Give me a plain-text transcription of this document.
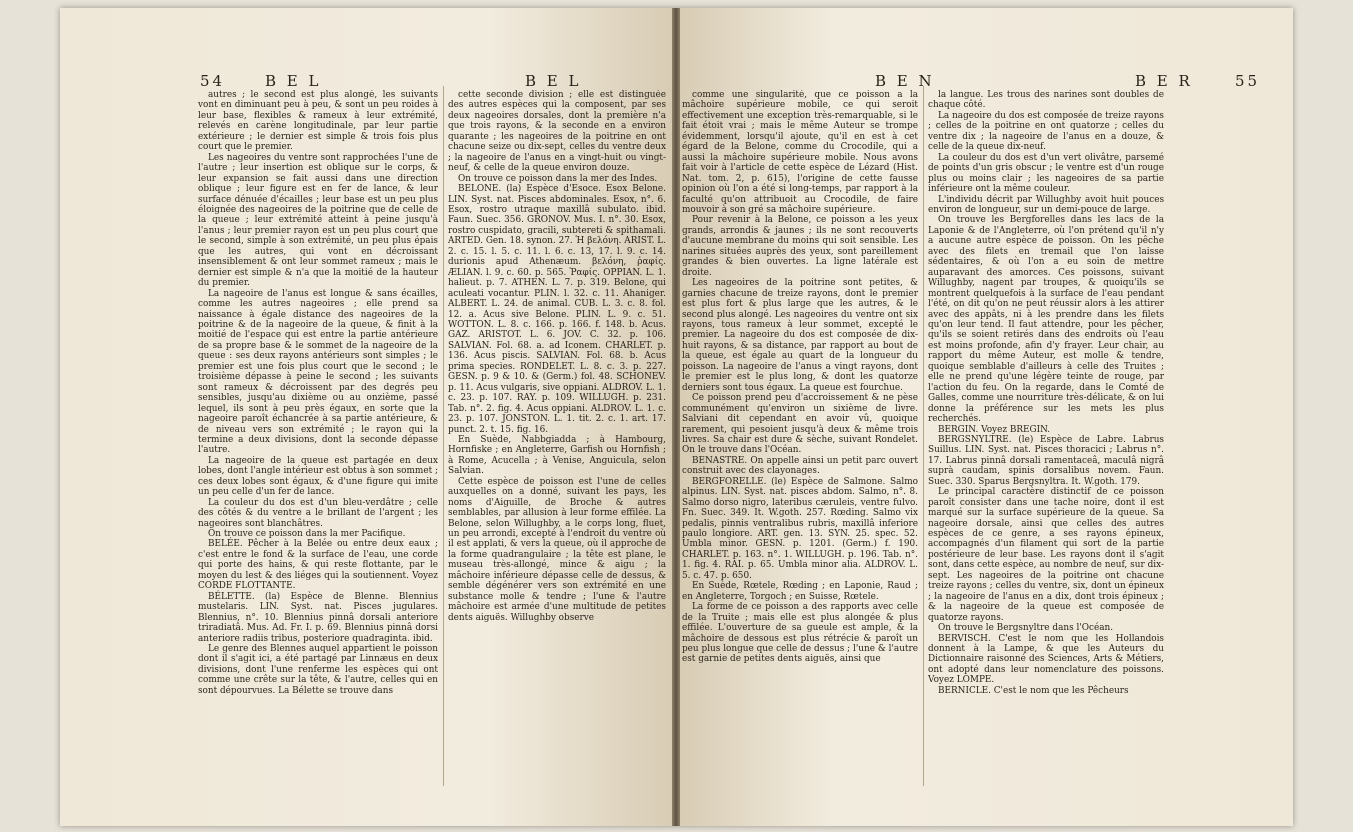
54	B E L	B E L

autres ; le second est plus alongé, les suivants vont en diminuant peu à peu, & sont un peu roides à leur base, flexibles & rameux à leur extrémité, relevés en carène longitudinale, par leur partie extérieure ; le dernier est simple & trois fois plus court que le premier.

Les nageoires du ventre sont rapprochées l'une de l'autre ; leur insertion est oblique sur le corps, & leur expansion se fait aussi dans une direction oblique ; leur figure est en fer de lance, & leur surface dénuée d'écailles ; leur base est un peu plus éloignée des nageoires de la poitrine que de celle de la queue ; leur extrémité atteint à peine jusqu'à l'anus ; leur premier rayon est un peu plus court que le second, simple à son extrémité, un peu plus épais que les autres, qui vont en décroissant insensiblement & ont leur sommet rameux ; mais le dernier est simple & n'a que la moitié de la hauteur du premier.

La nageoire de l'anus est longue & sans écailles, comme les autres nageoires ; elle prend sa naissance à égale distance des nageoires de la poitrine & de la nageoire de la queue, & finit à la moitié de l'espace qui est entre la partie antérieure de sa propre base & le sommet de la nageoire de la queue : ses deux rayons antérieurs sont simples ; le premier est une fois plus court que le second ; le troisième dépasse à peine le second ; les suivants sont rameux & décroissent par des degrés peu sensibles, jusqu'au dixième ou au onzième, passé lequel, ils sont à peu près égaux, en sorte que la nageoire paroît échancrée à sa partie antérieure, & de niveau vers son extrémité ; le rayon qui la termine a deux divisions, dont la seconde dépasse l'autre.

La nageoire de la queue est partagée en deux lobes, dont l'angle intérieur est obtus à son sommet ; ces deux lobes sont égaux, & d'une figure qui imite un peu celle d'un fer de lance.

La couleur du dos est d'un bleu-verdâtre ; celle des côtés & du ventre a le brillant de l'argent ; les nageoires sont blanchâtres.

On trouve ce poisson dans la mer Pacifique.

BELÉE. Pêcher à la Belée ou entre deux eaux ; c'est entre le fond & la surface de l'eau, une corde qui porte des hains, & qui reste flottante, par le moyen du lest & des liéges qui la soutiennent. Voyez CORDE FLOTTANTE.

BÉLETTE. (la) Espèce de Blenne. Blennius mustelaris. LIN. Syst. nat. Pisces jugulares. Blennius, n°. 10. Blennius pinnâ dorsali anteriore triradiatâ. Mus. Ad. Fr. I. p. 69. Blennius pinnâ dorsi anteriore radiis tribus, posteriore quadraginta. ibid.

Le genre des Blennes auquel appartient le poisson dont il s'agit ici, a été partagé par Linnæus en deux divisions, dont l'une renferme les espèces qui ont comme une crête sur la tête, & l'autre, celles qui en sont dépourvues. La Bélette se trouve dans

cette seconde division ; elle est distinguée des autres espèces qui la composent, par ses deux nageoires dorsales, dont la première n'a que trois rayons, & la seconde en a environ quarante ; les nageoires de la poitrine en ont chacune seize ou dix-sept, celles du ventre deux ; la nageoire de l'anus en a vingt-huit ou vingt-neuf, & celle de la queue environ douze.

On trouve ce poisson dans la mer des Indes.

BELONE. (la) Espèce d'Esoce. Esox Belone. LIN. Syst. nat. Pisces abdominales. Esox, n°. 6. Esox, rostro utraque maxillâ subulato. ibid. Faun. Suec. 356. GRONOV. Mus. I. n°. 30. Esox, rostro cuspidato, gracili, subtereti & spithamali. ARTED. Gen. 18. synon. 27. Ἡ βελόνη. ARIST. L. 2. c. 15. l. 5. c. 11. l. 6. c. 13, 17. l. 9. c. 14. durionis apud Athenæum. βελόνη, ῥαφίς. ÆLIAN. l. 9. c. 60. p. 565. Ῥαφίς. OPPIAN. L. 1. halieut. p. 7. ATHEN. L. 7. p. 319. Belone, qui aculeati vocantur. PLIN. l. 32. c. 11. Ahaniger. ALBERT. L. 24. de animal. CUB. L. 3. c. 8. fol. 12. a. Acus sive Belone. PLIN. L. 9. c. 51. WOTTON. L. 8. c. 166. p. 166. f. 148. b. Acus. GAZ. ARISTOT. L. 6. JOV. C. 32. p. 106. SALVIAN. Fol. 68. a. ad Iconem. CHARLET. p. 136. Acus piscis. SALVIAN. Fol. 68. b. Acus prima species. RONDELET. L. 8. c. 3. p. 227. GESN. p. 9 & 10. & (Germ.) fol. 48. SCHONEV. p. 11. Acus vulgaris, sive oppiani. ALDROV. L. 1. c. 23. p. 107. RAY. p. 109. WILLUGH. p. 231. Tab. n°. 2. fig. 4. Acus oppiani. ALDROV. L. 1. c. 23. p. 107. JONSTON. L. 1. tit. 2. c. 1. art. 17. punct. 2. t. 15. fig. 16.

En Suède, Nabbgiadda ; à Hambourg, Hornfiske ; en Angleterre, Garfish ou Hornfish ; à Rome, Acucella ; à Venise, Anguicula, selon Salvian.

Cette espèce de poisson est l'une de celles auxquelles on a donné, suivant les pays, les noms d'Aiguille, de Broche & autres semblables, par allusion à leur forme effilée. La Belone, selon Willughby, a le corps long, fluet, un peu arrondi, excepté à l'endroit du ventre où il est applati, & vers la queue, où il approche de la forme quadrangulaire ; la tête est plane, le museau très-allongé, mince & aigu ; la mâchoire inférieure dépasse celle de dessus, & semble dégénérer vers son extrémité en une substance molle & tendre ; l'une & l'autre mâchoire est armée d'une multitude de petites dents aiguës. Willughby observe

B E N	B E R	55

comme une singularité, que ce poisson a la mâchoire supérieure mobile, ce qui seroit effectivement une exception très-remarquable, si le fait étoit vrai ; mais le même Auteur se trompe évidemment, lorsqu'il ajoute, qu'il en est à cet égard de la Belone, comme du Crocodile, qui a aussi la mâchoire supérieure mobile. Nous avons fait voir à l'article de cette espèce de Lézard (Hist. Nat. tom. 2, p. 615), l'origine de cette fausse opinion où l'on a été si long-temps, par rapport à la faculté qu'on attribuoit au Crocodile, de faire mouvoir à son gré sa mâchoire supérieure.

Pour revenir à la Belone, ce poisson a les yeux grands, arrondis & jaunes ; ils ne sont recouverts d'aucune membrane du moins qui soit sensible. Les narines situées auprès des yeux, sont pareillement grandes & bien ouvertes. La ligne latérale est droite.

Les nageoires de la poitrine sont petites, & garnies chacune de treize rayons, dont le premier est plus fort & plus large que les autres, & le second plus alongé. Les nageoires du ventre ont six rayons, tous rameux à leur sommet, excepté le premier. La nageoire du dos est composée de dix-huit rayons, & sa distance, par rapport au bout de la queue, est égale au quart de la longueur du poisson. La nageoire de l'anus a vingt rayons, dont le premier est le plus long, & dont les quatorze derniers sont tous égaux. La queue est fourchue.

Ce poisson prend peu d'accroissement & ne pèse communément qu'environ un sixième de livre. Salviani dit cependant en avoir vû, quoique rarement, qui pesoient jusqu'à deux & même trois livres. Sa chair est dure & sèche, suivant Rondelet. On le trouve dans l'Océan.

BENASTRE. On appelle ainsi un petit parc ouvert construit avec des clayonages.

BERGFORELLE. (le) Espèce de Salmone. Salmo alpinus. LIN. Syst. nat. pisces abdom. Salmo, n°. 8. Salmo dorso nigro, lateribus cæruleis, ventre fulvo. Fn. Suec. 349. It. W.goth. 257. Rœding. Salmo vix pedalis, pinnis ventralibus rubris, maxillâ inferiore paulo longiore. ART. gen. 13. SYN. 25. spec. 52. Umbla minor. GESN. p. 1201. (Germ.) f. 190. CHARLET. p. 163. n°. 1. WILLUGH. p. 196. Tab. n°. 1. fig. 4. RAI. p. 65. Umbla minor alia. ALDROV. L. 5. c. 47. p. 650.

En Suède, Rœtele, Rœding ; en Laponie, Raud ; en Angleterre, Torgoch ; en Suisse, Rœtele.

La forme de ce poisson a des rapports avec celle de la Truite ; mais elle est plus alongée & plus effilée. L'ouverture de sa gueule est ample, & la mâchoire de dessous est plus rétrécie & paroît un peu plus longue que celle de dessus ; l'une & l'autre est garnie de petites dents aiguës, ainsi que

la langue. Les trous des narines sont doubles de chaque côté.

La nageoire du dos est composée de treize rayons ; celles de la poitrine en ont quatorze ; celles du ventre dix ; la nageoire de l'anus en a douze, & celle de la queue dix-neuf.

La couleur du dos est d'un vert olivâtre, parsemé de points d'un gris obscur ; le ventre est d'un rouge plus ou moins clair ; les nageoires de sa partie inférieure ont la même couleur.

L'individu décrit par Willughby avoit huit pouces environ de longueur, sur un demi-pouce de large.

On trouve les Bergforelles dans les lacs de la Laponie & de l'Angleterre, où l'on prétend qu'il n'y a aucune autre espèce de poisson. On les pêche avec des filets en tremail que l'on laisse sédentaires, & où l'on a eu soin de mettre auparavant des amorces. Ces poissons, suivant Willughby, nagent par troupes, & quoiqu'ils se montrent quelquefois à la surface de l'eau pendant l'été, on dit qu'on ne peut réussir alors à les attirer avec des appâts, ni à les prendre dans les filets qu'on leur tend. Il faut attendre, pour les pêcher, qu'ils se soient retirés dans des endroits où l'eau est moins profonde, afin d'y frayer. Leur chair, au rapport du même Auteur, est molle & tendre, quoique semblable d'ailleurs à celle des Truites ; elle ne prend qu'une légère teinte de rouge, par l'action du feu. On la regarde, dans le Comté de Galles, comme une nourriture très-délicate, & on lui donne la préférence sur les mets les plus recherchés.

BERGIN. Voyez BREGIN.

BERGSNYLTRE. (le) Espèce de Labre. Labrus Suillus. LIN. Syst. nat. Pisces thoracici ; Labrus n°. 17. Labrus pinnâ dorsali ramentaceâ, maculâ nigrâ suprà caudam, spinis dorsalibus novem. Faun. Suec. 330. Sparus Bergsnyltra. It. W.goth. 179.

Le principal caractère distinctif de ce poisson paroît consister dans une tache noire, dont il est marqué sur la surface supérieure de la queue. Sa nageoire dorsale, ainsi que celles des autres espèces de ce genre, a ses rayons épineux, accompagnés d'un filament qui sort de la partie postérieure de leur base. Les rayons dont il s'agit sont, dans cette espèce, au nombre de neuf, sur dix-sept. Les nageoires de la poitrine ont chacune treize rayons ; celles du ventre, six, dont un épineux ; la nageoire de l'anus en a dix, dont trois épineux ; & la nageoire de la queue est composée de quatorze rayons.

On trouve le Bergsnyltre dans l'Océan.

BERVISCH. C'est le nom que les Hollandois donnent à la Lampe, & que les Auteurs du Dictionnaire raisonné des Sciences, Arts & Métiers, ont adopté dans leur nomenclature des poissons. Voyez LOMPE.

BERNICLE. C'est le nom que les Pêcheurs
